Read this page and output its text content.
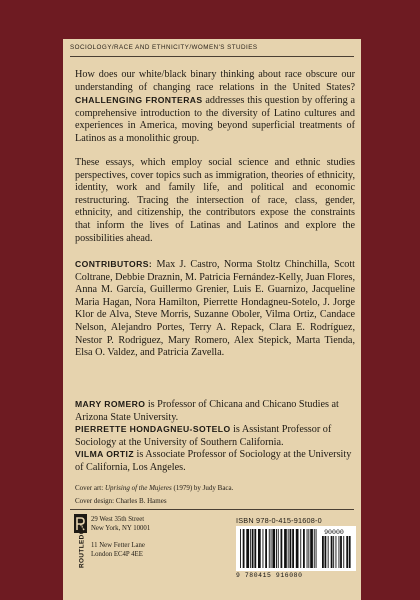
SOCIOLOGY/RACE AND ETHNICITY/WOMEN'S STUDIES
How does our white/black binary thinking about race obscure our understanding of changing race relations in the United States? CHALLENGING FRONTERAS addresses this question by offering a comprehensive introduction to the diversity of Latino cultures and experiences in America, moving beyond superficial treatments of Latinos as a monolithic group.
These essays, which employ social science and ethnic studies perspectives, cover topics such as immigration, theories of ethnicity, identity, work and family life, and political and economic restructuring. Tracing the intersection of race, class, gender, ethnicity, and citizenship, the contributors expose the constraints that inform the lives of Latinas and Latinos and explore the possibilities ahead.
CONTRIBUTORS: Max J. Castro, Norma Stoltz Chinchilla, Scott Coltrane, Debbie Draznin, M. Patricia Fernández-Kelly, Juan Flores, Anna M. García, Guillermo Grenier, Luis E. Guarnizo, Jacqueline Maria Hagan, Nora Hamilton, Pierrette Hondagneu-Sotelo, J. Jorge Klor de Alva, Steve Morris, Suzanne Oboler, Vilma Ortiz, Candace Nelson, Alejandro Portes, Terry A. Repack, Clara E. Rodríguez, Nestor P. Rodriguez, Mary Romero, Alex Stepick, Marta Tienda, Elsa O. Valdez, and Patricia Zavella.
MARY ROMERO is Professor of Chicana and Chicano Studies at Arizona State University.
PIERRETTE HONDAGNEU-SOTELO is Assistant Professor of Sociology at the University of Southern California.
VILMA ORTIZ is Associate Professor of Sociology at the University of California, Los Angeles.
Cover art: Uprising of the Mujeres (1979) by Judy Baca.
Cover design: Charles B. Hames
ROUTLEDGE
29 West 35th Street
New York, NY 10001
11 New Fetter Lane
London EC4P 4EE
ISBN 978-0-415-91608-0
90000
9 780415 916080
